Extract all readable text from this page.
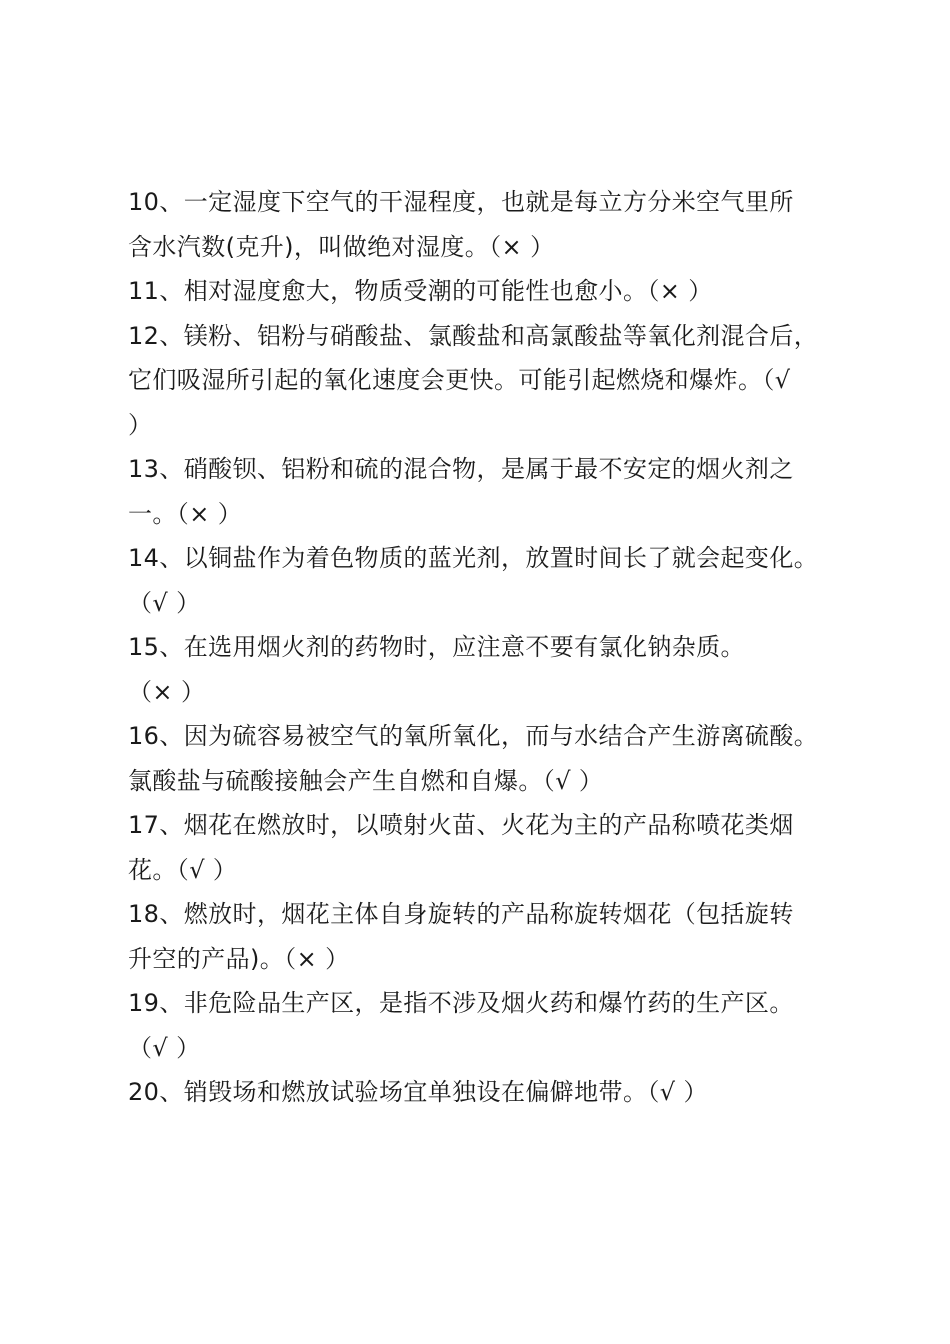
10、一定湿度下空气的干湿程度，也就是每立方分米空气里所
含水汽数(克升)，叫做绝对湿度。（× ）
11、相对湿度愈大，物质受潮的可能性也愈小。（× ）
12、镁粉、铝粉与硝酸盐、氯酸盐和高氯酸盐等氧化剂混合后，
它们吸湿所引起的氧化速度会更快。可能引起燃烧和爆炸。（√
）
13、硝酸钡、铝粉和硫的混合物，是属于最不安定的烟火剂之
一。（× ）
14、以铜盐作为着色物质的蓝光剂，放置时间长了就会起变化。
（√ ）
15、在选用烟火剂的药物时，应注意不要有氯化钠杂质。
（× ）
16、因为硫容易被空气的氧所氧化，而与水结合产生游离硫酸。
氯酸盐与硫酸接触会产生自燃和自爆。（√ ）
17、烟花在燃放时，以喷射火苗、火花为主的产品称喷花类烟
花。（√ ）
18、燃放时，烟花主体自身旋转的产品称旋转烟花（包括旋转
升空的产品)。（× ）
19、非危险品生产区，是指不涉及烟火药和爆竹药的生产区。
（√ ）
20、销毁场和燃放试验场宜单独设在偏僻地带。（√ ）
